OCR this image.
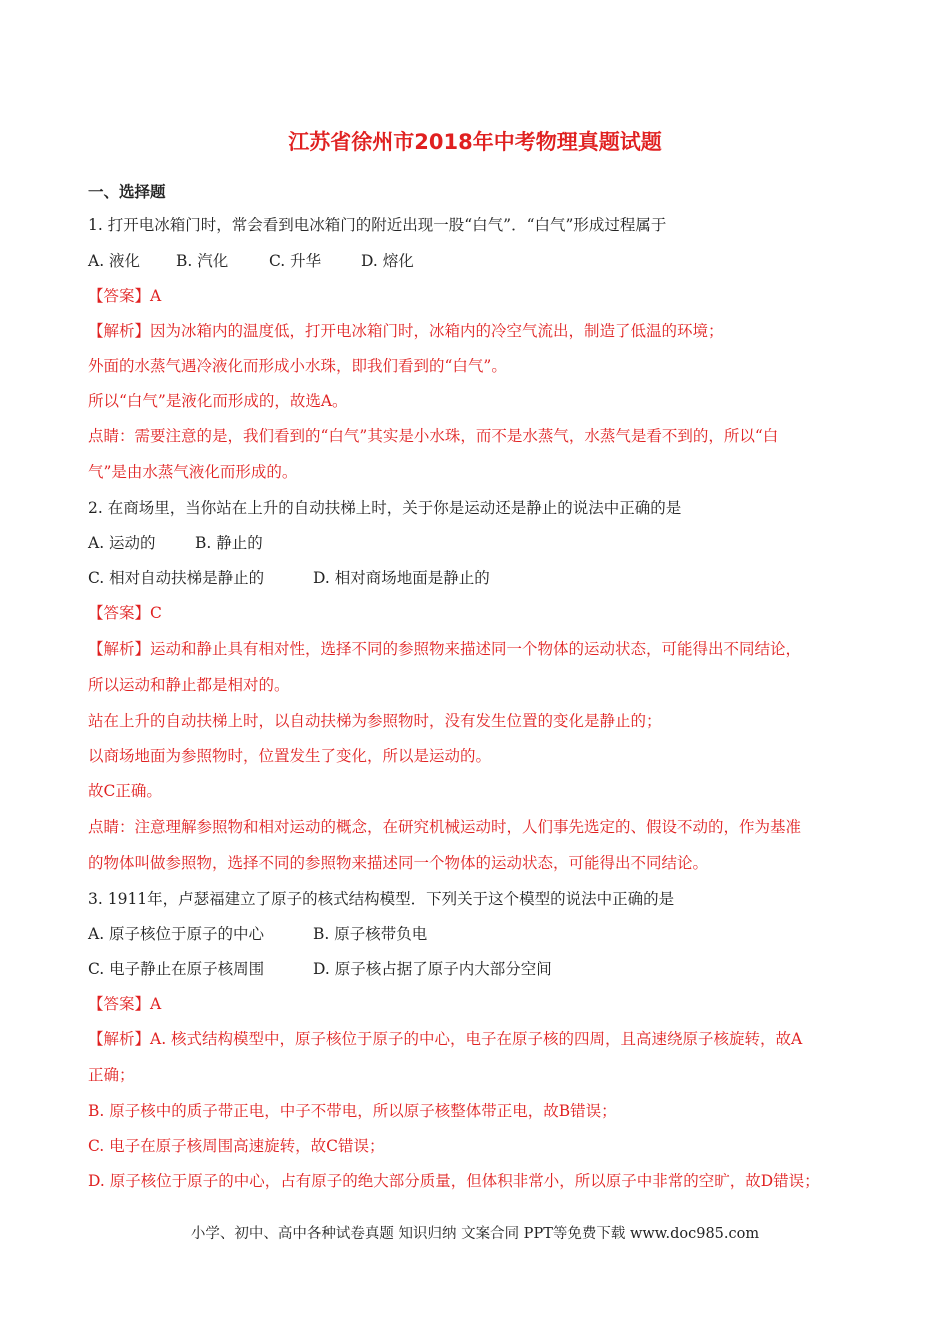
江苏省徐州市2018年中考物理真题试题
一、选择题
1. 打开电冰箱门时，常会看到电冰箱门的附近出现一股“白气”．“白气”形成过程属于
A. 液化 B. 汽化	C. 升华	D. 熔化
【答案】A
【解析】因为冰箱内的温度低，打开电冰箱门时，冰箱内的冷空气流出，制造了低温的环境；
外面的水蒸气遇冷液化而形成小水珠，即我们看到的“白气”。
所以“白气”是液化而形成的，故选A。
点睛：需要注意的是，我们看到的“白气”其实是小水珠，而不是水蒸气，水蒸气是看不到的，所以“白
气”是由水蒸气液化而形成的。
2. 在商场里，当你站在上升的自动扶梯上时，关于你是运动还是静止的说法中正确的是
A. 运动的	B. 静止的
C. 相对自动扶梯是静止的	D. 相对商场地面是静止的
【答案】C
【解析】运动和静止具有相对性，选择不同的参照物来描述同一个物体的运动状态，可能得出不同结论，
所以运动和静止都是相对的。
站在上升的自动扶梯上时，以自动扶梯为参照物时，没有发生位置的变化是静止的；
以商场地面为参照物时，位置发生了变化，所以是运动的。
故C正确。
点睛：注意理解参照物和相对运动的概念，在研究机械运动时，人们事先选定的、假设不动的，作为基准
的物体叫做参照物，选择不同的参照物来描述同一个物体的运动状态，可能得出不同结论。
3. 1911年，卢瑟福建立了原子的核式结构模型．下列关于这个模型的说法中正确的是
A. 原子核位于原子的中心	B. 原子核带负电
C. 电子静止在原子核周围	D. 原子核占据了原子内大部分空间
【答案】A
【解析】A. 核式结构模型中，原子核位于原子的中心，电子在原子核的四周，且高速绕原子核旋转，故A
正确；
B. 原子核中的质子带正电，中子不带电，所以原子核整体带正电，故B错误；
C. 电子在原子核周围高速旋转，故C错误；
D. 原子核位于原子的中心，占有原子的绝大部分质量，但体积非常小，所以原子中非常的空旷，故D错误；
小学、初中、高中各种试卷真题 知识归纳 文案合同 PPT等免费下载 www.doc985.com
